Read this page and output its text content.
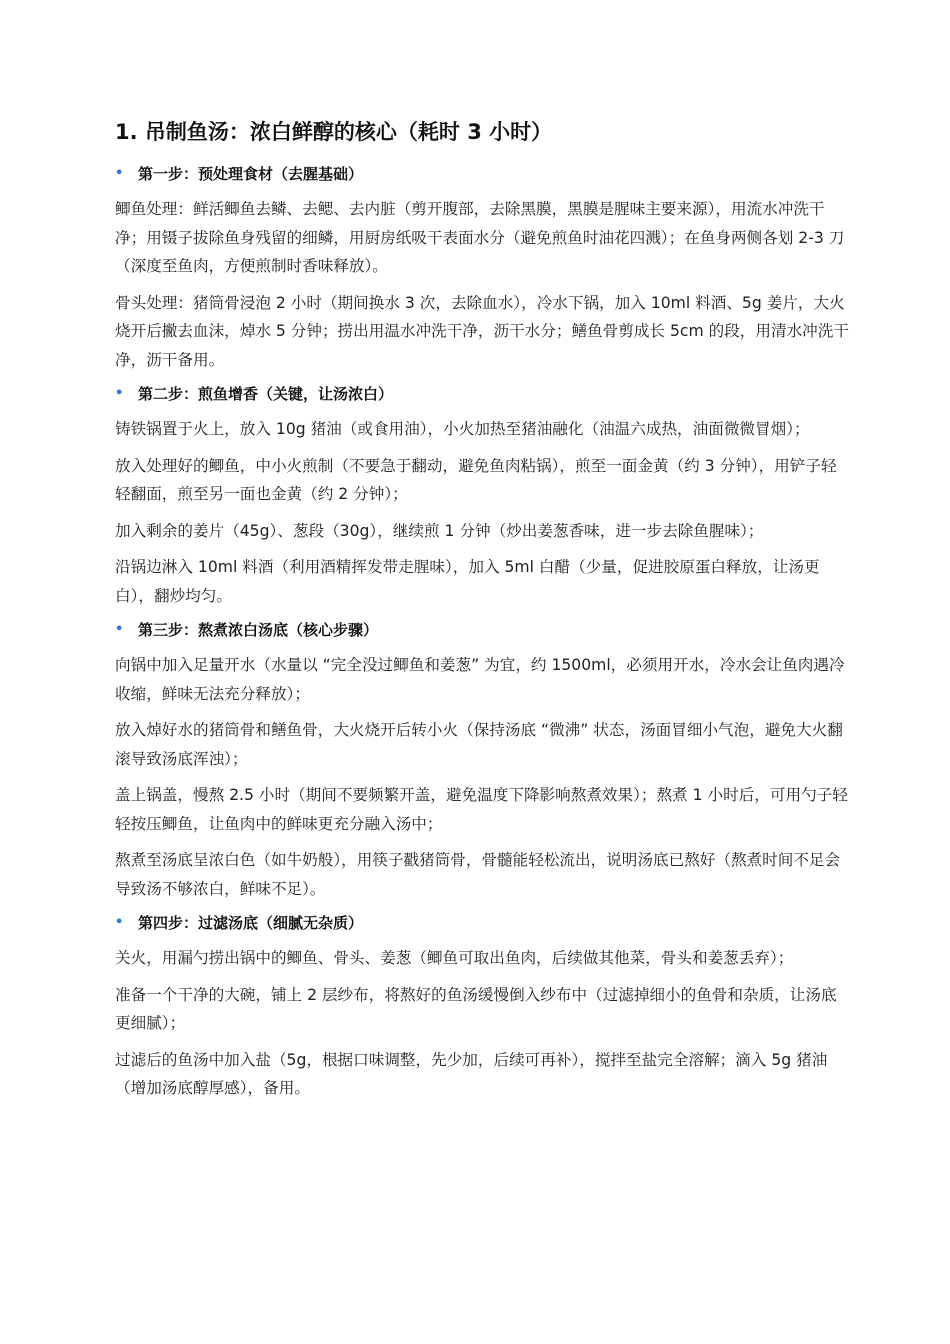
1. 吊制鱼汤：浓白鲜醇的核心（耗时 3 小时）
• 第一步：预处理食材（去腥基础）

鲫鱼处理：鲜活鲫鱼去鳞、去鳃、去内脏（剪开腹部，去除黑膜，黑膜是腥味主要来源），用流水冲洗干净；用镊子拔除鱼身残留的细鳞，用厨房纸吸干表面水分（避免煎鱼时油花四溅）；在鱼身两侧各划 2-3 刀（深度至鱼肉，方便煎制时香味释放）。

骨头处理：猪筒骨浸泡 2 小时（期间换水 3 次，去除血水），冷水下锅，加入 10ml 料酒、5g 姜片，大火烧开后撇去血沫，焯水 5 分钟；捞出用温水冲洗干净，沥干水分；鳝鱼骨剪成长 5cm 的段，用清水冲洗干净，沥干备用。

• 第二步：煎鱼增香（关键，让汤浓白）

铸铁锅置于火上，放入 10g 猪油（或食用油），小火加热至猪油融化（油温六成热，油面微微冒烟）；

放入处理好的鲫鱼，中小火煎制（不要急于翻动，避免鱼肉粘锅），煎至一面金黄（约 3 分钟），用铲子轻轻翻面，煎至另一面也金黄（约 2 分钟）；

加入剩余的姜片（45g）、葱段（30g），继续煎 1 分钟（炒出姜葱香味，进一步去除鱼腥味）；

沿锅边淋入 10ml 料酒（利用酒精挥发带走腥味），加入 5ml 白醋（少量，促进胶原蛋白释放，让汤更白），翻炒均匀。

• 第三步：熬煮浓白汤底（核心步骤）

向锅中加入足量开水（水量以 “完全没过鲫鱼和姜葱” 为宜，约 1500ml，必须用开水，冷水会让鱼肉遇冷收缩，鲜味无法充分释放）；

放入焯好水的猪筒骨和鳝鱼骨，大火烧开后转小火（保持汤底 “微沸” 状态，汤面冒细小气泡，避免大火翻滚导致汤底浑浊）；

盖上锅盖，慢熬 2.5 小时（期间不要频繁开盖，避免温度下降影响熬煮效果）；熬煮 1 小时后，可用勺子轻轻按压鲫鱼，让鱼肉中的鲜味更充分融入汤中；

熬煮至汤底呈浓白色（如牛奶般），用筷子戳猪筒骨，骨髓能轻松流出，说明汤底已熬好（熬煮时间不足会导致汤不够浓白，鲜味不足）。

• 第四步：过滤汤底（细腻无杂质）

关火，用漏勺捞出锅中的鲫鱼、骨头、姜葱（鲫鱼可取出鱼肉，后续做其他菜，骨头和姜葱丢弃）；

准备一个干净的大碗，铺上 2 层纱布，将熬好的鱼汤缓慢倒入纱布中（过滤掉细小的鱼骨和杂质，让汤底更细腻）；

过滤后的鱼汤中加入盐（5g，根据口味调整，先少加，后续可再补），搅拌至盐完全溶解；滴入 5g 猪油（增加汤底醇厚感），备用。
